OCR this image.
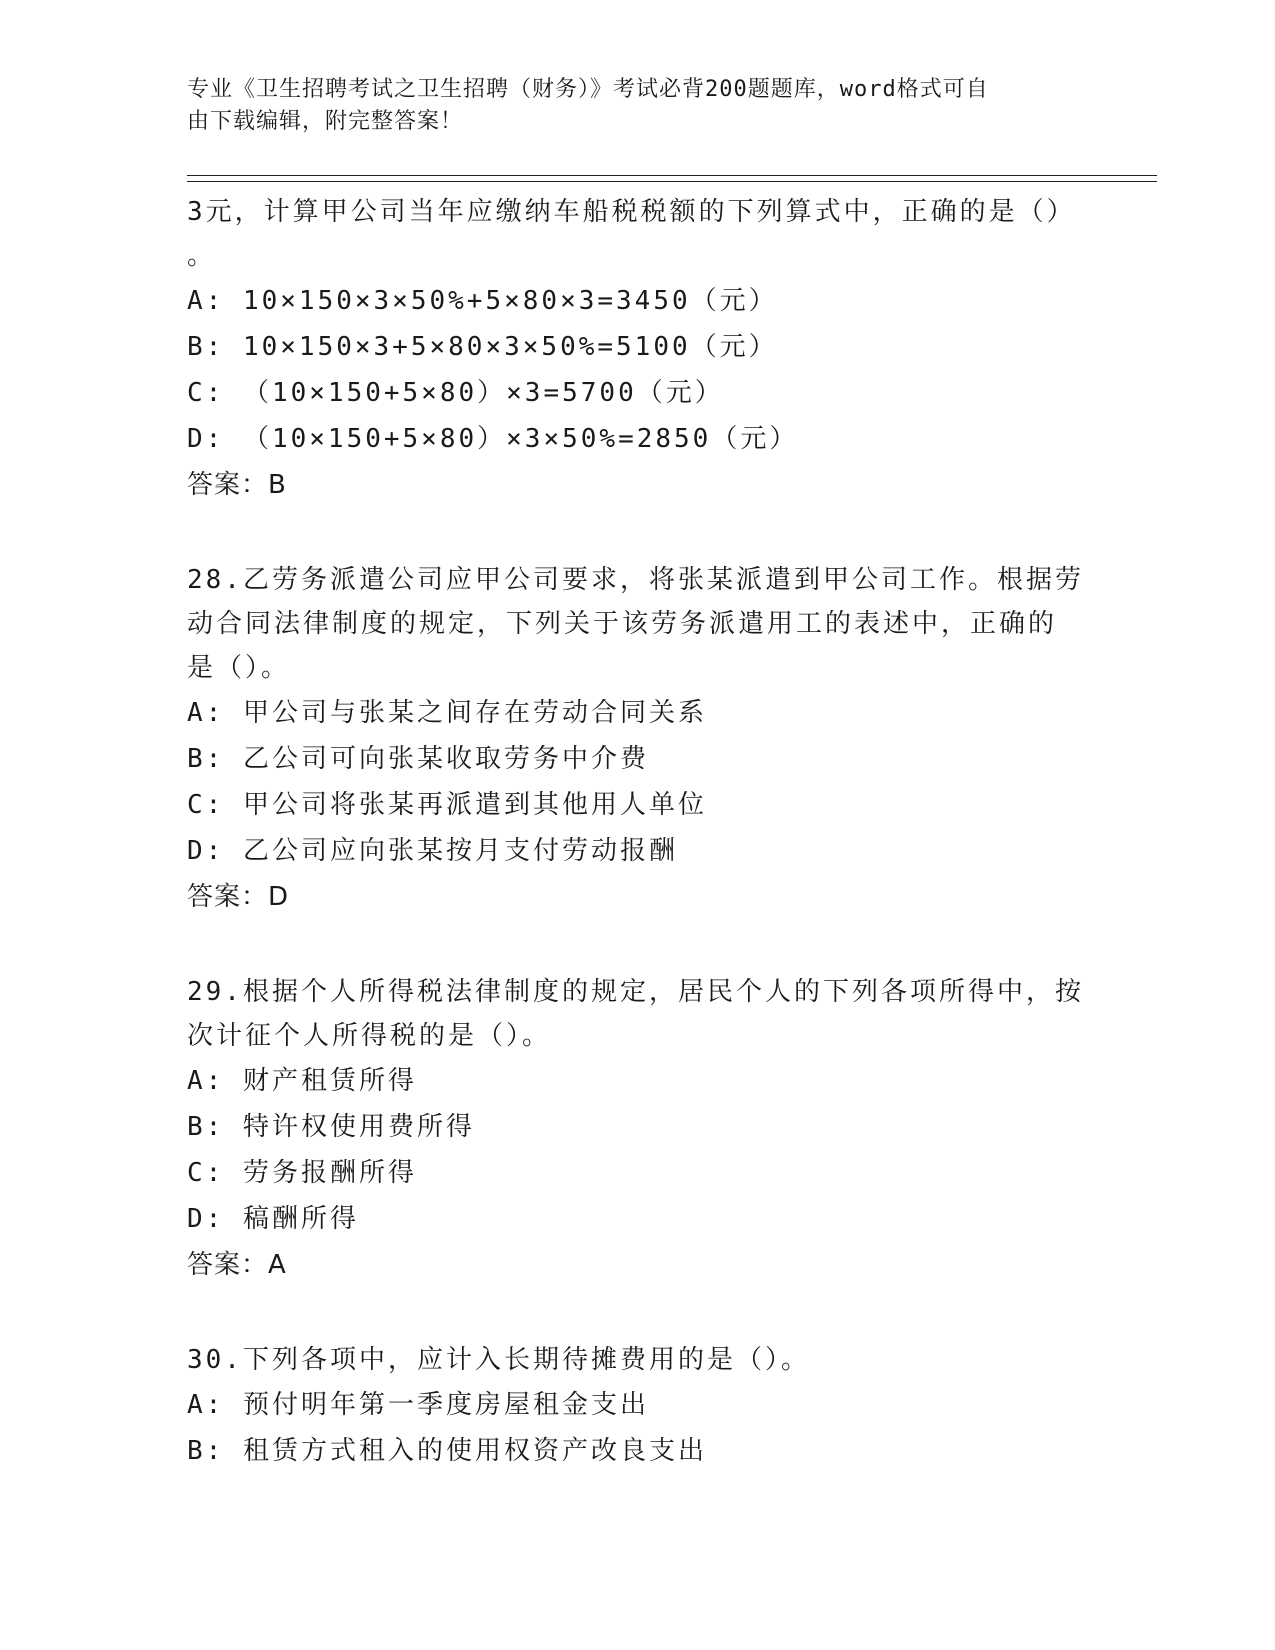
专业《卫生招聘考试之卫生招聘（财务）》考试必背200题题库，word格式可自
由下载编辑，附完整答案！
3元，计算甲公司当年应缴纳车船税税额的下列算式中，正确的是（）
。
A: 10×150×3×50%+5×80×3=3450（元）
B: 10×150×3+5×80×3×50%=5100（元）
C: （10×150+5×80）×3=5700（元）
D: （10×150+5×80）×3×50%=2850（元）
答案：B
28.乙劳务派遣公司应甲公司要求，将张某派遣到甲公司工作。根据劳
动合同法律制度的规定，下列关于该劳务派遣用工的表述中，正确的
是（）。
A: 甲公司与张某之间存在劳动合同关系
B: 乙公司可向张某收取劳务中介费
C: 甲公司将张某再派遣到其他用人单位
D: 乙公司应向张某按月支付劳动报酬
答案：D
29.根据个人所得税法律制度的规定，居民个人的下列各项所得中，按
次计征个人所得税的是（）。
A: 财产租赁所得
B: 特许权使用费所得
C: 劳务报酬所得
D: 稿酬所得
答案：A
30.下列各项中，应计入长期待摊费用的是（）。
A: 预付明年第一季度房屋租金支出
B: 租赁方式租入的使用权资产改良支出
